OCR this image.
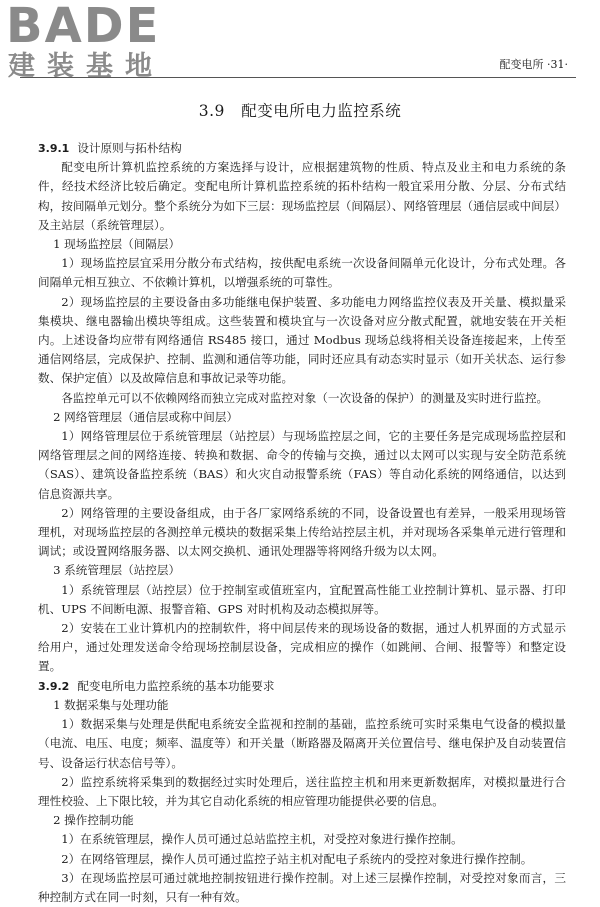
BADE
建装基地	配变电所 ·31·
3.9 配变电所电力监控系统

3.9.1 设计原则与拓朴结构

配变电所计算机监控系统的方案选择与设计，应根据建筑物的性质、特点及业主和电力系统的条件，经技术经济比较后确定。变配电所计算机监控系统的拓朴结构一般宜采用分散、分层、分布式结构，按间隔单元划分。整个系统分为如下三层：现场监控层（间隔层）、网络管理层（通信层或中间层）及主站层（系统管理层）。

1 现场监控层（间隔层）

1）现场监控层宜采用分散分布式结构，按供配电系统一次设备间隔单元化设计，分布式处理。各间隔单元相互独立、不依赖计算机，以增强系统的可靠性。

2）现场监控层的主要设备由多功能继电保护装置、多功能电力网络监控仪表及开关量、模拟量采集模块、继电器输出模块等组成。这些装置和模块宜与一次设备对应分散式配置，就地安装在开关柜内。上述设备均应带有网络通信 RS485 接口，通过 Modbus 现场总线将相关设备连接起来，上传至通信网络层，完成保护、控制、监测和通信等功能，同时还应具有动态实时显示（如开关状态、运行参数、保护定值）以及故障信息和事故记录等功能。

各监控单元可以不依赖网络而独立完成对监控对象（一次设备的保护）的测量及实时进行监控。

2 网络管理层（通信层或称中间层）

1）网络管理层位于系统管理层（站控层）与现场监控层之间，它的主要任务是完成现场监控层和网络管理层之间的网络连接、转换和数据、命令的传输与交换，通过以太网可以实现与安全防范系统（SAS）、建筑设备监控系统（BAS）和火灾自动报警系统（FAS）等自动化系统的网络通信，以达到信息资源共享。

2）网络管理的主要设备组成，由于各厂家网络系统的不同，设备设置也有差异，一般采用现场管理机，对现场监控层的各测控单元模块的数据采集上传给站控层主机，并对现场各采集单元进行管理和调试；或设置网络服务器、以太网交换机、通讯处理器等将网络升级为以太网。

3 系统管理层（站控层）

1）系统管理层（站控层）位于控制室或值班室内，宜配置高性能工业控制计算机、显示器、打印机、UPS 不间断电源、报警音箱、GPS 对时机构及动态模拟屏等。

2）安装在工业计算机内的控制软件，将中间层传来的现场设备的数据，通过人机界面的方式显示给用户，通过处理发送命令给现场控制层设备，完成相应的操作（如跳闸、合闸、报警等）和整定设置。

3.9.2 配变电所电力监控系统的基本功能要求

1 数据采集与处理功能

1）数据采集与处理是供配电系统安全监视和控制的基础，监控系统可实时采集电气设备的模拟量（电流、电压、电度；频率、温度等）和开关量（断路器及隔离开关位置信号、继电保护及自动装置信号、设备运行状态信号等）。

2）监控系统将采集到的数据经过实时处理后，送往监控主机和用来更新数据库，对模拟量进行合理性校验、上下限比较，并为其它自动化系统的相应管理功能提供必要的信息。

2 操作控制功能

1）在系统管理层，操作人员可通过总站监控主机，对受控对象进行操作控制。

2）在网络管理层，操作人员可通过监控子站主机对配电子系统内的受控对象进行操作控制。

3）在现场监控层可通过就地控制按钮进行操作控制。对上述三层操作控制，对受控对象而言，三种控制方式在同一时刻，只有一种有效。
